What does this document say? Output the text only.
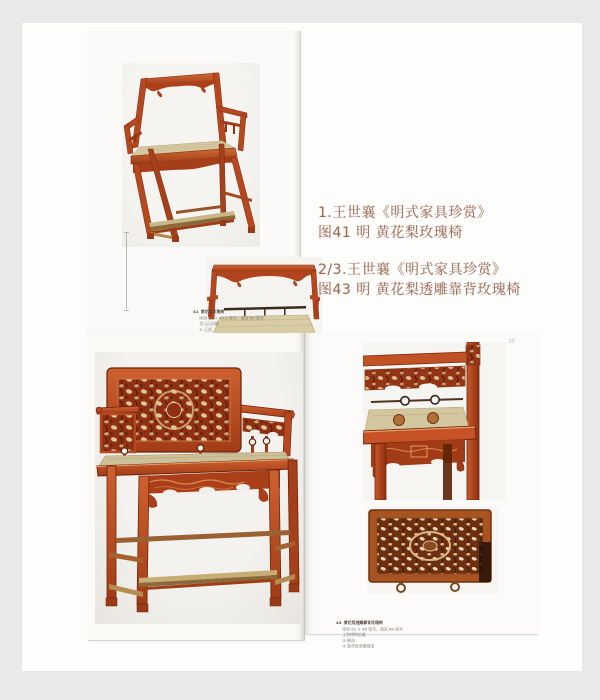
41 黄花梨玫瑰椅
座面 56 × 43.5 厘米，通高 87 厘米
攻玉山房藏
① 正面
1.王世襄《明式家具珍赏》
图41 明 黄花梨玫瑰椅
2/3.王世襄《明式家具珍赏》
图43 明 黄花梨透雕靠背玫瑰椅
23
43 黄花梨透雕靠背玫瑰椅
座面 61 × 46 厘米，通高 88 厘米
上海博物馆藏
② 侧面
③ 靠背板透雕细部
